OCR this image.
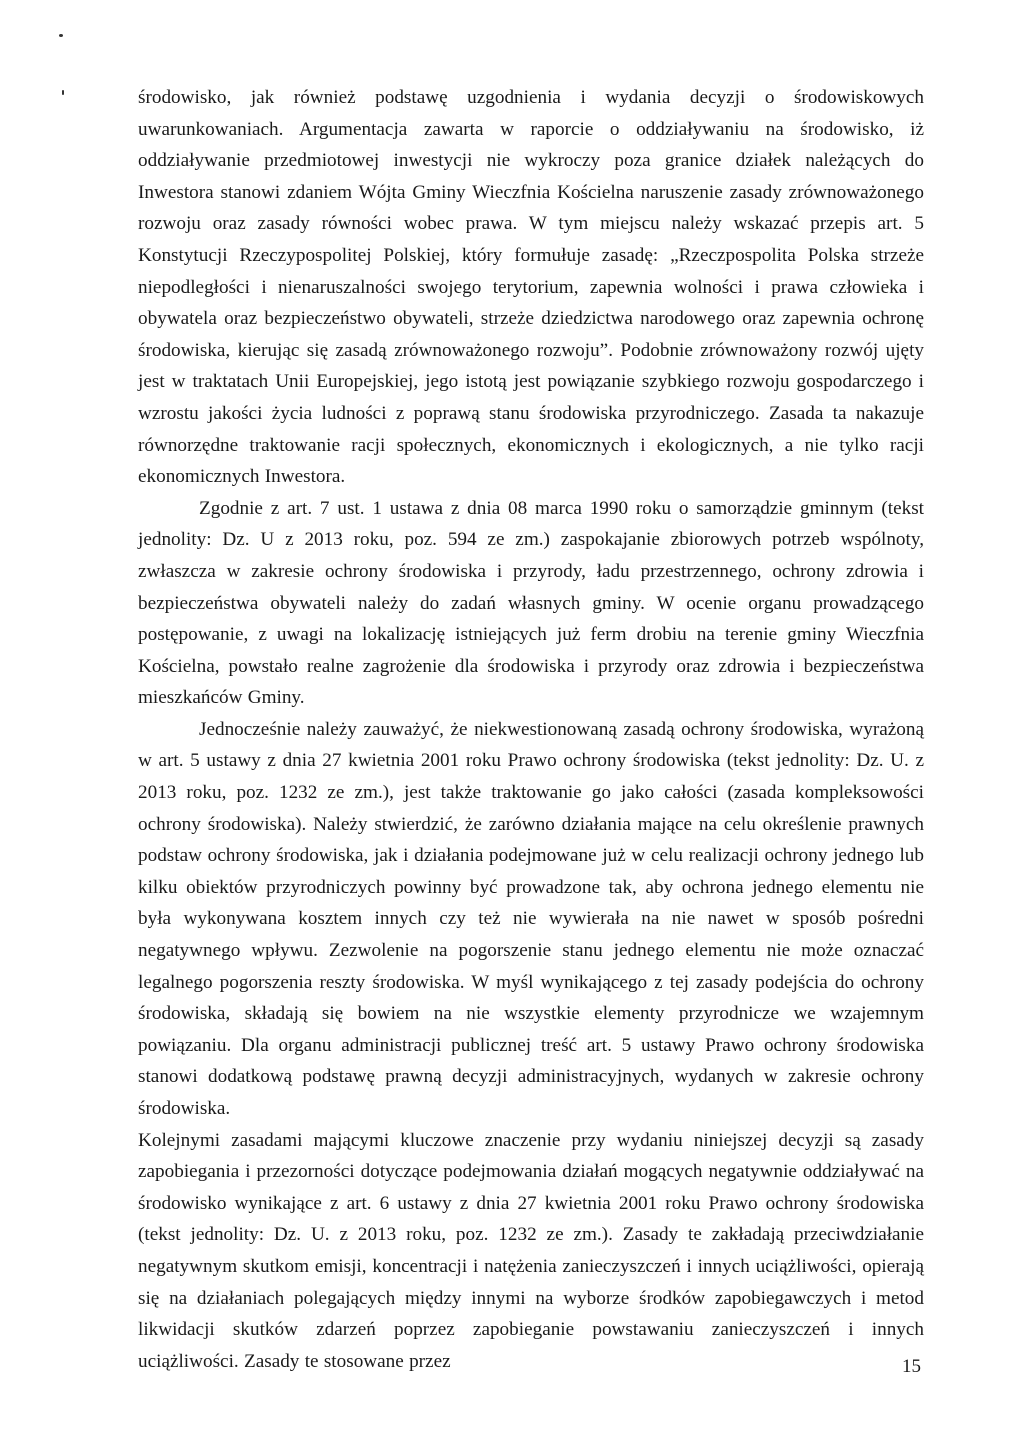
środowisko, jak również podstawę uzgodnienia i wydania decyzji o środowiskowych uwarunkowaniach. Argumentacja zawarta w raporcie o oddziaływaniu na środowisko, iż oddziaływanie przedmiotowej inwestycji nie wykroczy poza granice działek należących do Inwestora stanowi zdaniem Wójta Gminy Wieczfnia Kościelna naruszenie zasady zrównoważonego rozwoju oraz zasady równości wobec prawa. W tym miejscu należy wskazać przepis art. 5 Konstytucji Rzeczypospolitej Polskiej, który formułuje zasadę: „Rzeczpospolita Polska strzeże niepodległości i nienaruszalności swojego terytorium, zapewnia wolności i prawa człowieka i obywatela oraz bezpieczeństwo obywateli, strzeże dziedzictwa narodowego oraz zapewnia ochronę środowiska, kierując się zasadą zrównoważonego rozwoju”. Podobnie zrównoważony rozwój ujęty jest w traktatach Unii Europejskiej, jego istotą jest powiązanie szybkiego rozwoju gospodarczego i wzrostu jakości życia ludności z poprawą stanu środowiska przyrodniczego. Zasada ta nakazuje równorzędne traktowanie racji społecznych, ekonomicznych i ekologicznych, a nie tylko racji ekonomicznych Inwestora.

Zgodnie z art. 7 ust. 1 ustawa z dnia 08 marca 1990 roku o samorządzie gminnym (tekst jednolity: Dz. U z 2013 roku, poz. 594 ze zm.) zaspokajanie zbiorowych potrzeb wspólnoty, zwłaszcza w zakresie ochrony środowiska i przyrody, ładu przestrzennego, ochrony zdrowia i bezpieczeństwa obywateli należy do zadań własnych gminy. W ocenie organu prowadzącego postępowanie, z uwagi na lokalizację istniejących już ferm drobiu na terenie gminy Wieczfnia Kościelna, powstało realne zagrożenie dla środowiska i przyrody oraz zdrowia i bezpieczeństwa mieszkańców Gminy.

Jednocześnie należy zauważyć, że niekwestionowaną zasadą ochrony środowiska, wyrażoną w art. 5 ustawy z dnia 27 kwietnia 2001 roku Prawo ochrony środowiska (tekst jednolity: Dz. U. z 2013 roku, poz. 1232 ze zm.), jest także traktowanie go jako całości (zasada kompleksowości ochrony środowiska). Należy stwierdzić, że zarówno działania mające na celu określenie prawnych podstaw ochrony środowiska, jak i działania podejmowane już w celu realizacji ochrony jednego lub kilku obiektów przyrodniczych powinny być prowadzone tak, aby ochrona jednego elementu nie była wykonywana kosztem innych czy też nie wywierała na nie nawet w sposób pośredni negatywnego wpływu. Zezwolenie na pogorszenie stanu jednego elementu nie może oznaczać legalnego pogorszenia reszty środowiska. W myśl wynikającego z tej zasady podejścia do ochrony środowiska, składają się bowiem na nie wszystkie elementy przyrodnicze we wzajemnym powiązaniu. Dla organu administracji publicznej treść art. 5 ustawy Prawo ochrony środowiska stanowi dodatkową podstawę prawną decyzji administracyjnych, wydanych w zakresie ochrony środowiska.

Kolejnymi zasadami mającymi kluczowe znaczenie przy wydaniu niniejszej decyzji są zasady zapobiegania i przezorności dotyczące podejmowania działań mogących negatywnie oddziaływać na środowisko wynikające z art. 6 ustawy z dnia 27 kwietnia 2001 roku Prawo ochrony środowiska (tekst jednolity: Dz. U. z 2013 roku, poz. 1232 ze zm.). Zasady te zakładają przeciwdziałanie negatywnym skutkom emisji, koncentracji i natężenia zanieczyszczeń i innych uciążliwości, opierają się na działaniach polegających między innymi na wyborze środków zapobiegawczych i metod likwidacji skutków zdarzeń poprzez zapobieganie powstawaniu zanieczyszczeń i innych uciążliwości. Zasady te stosowane przez	15
